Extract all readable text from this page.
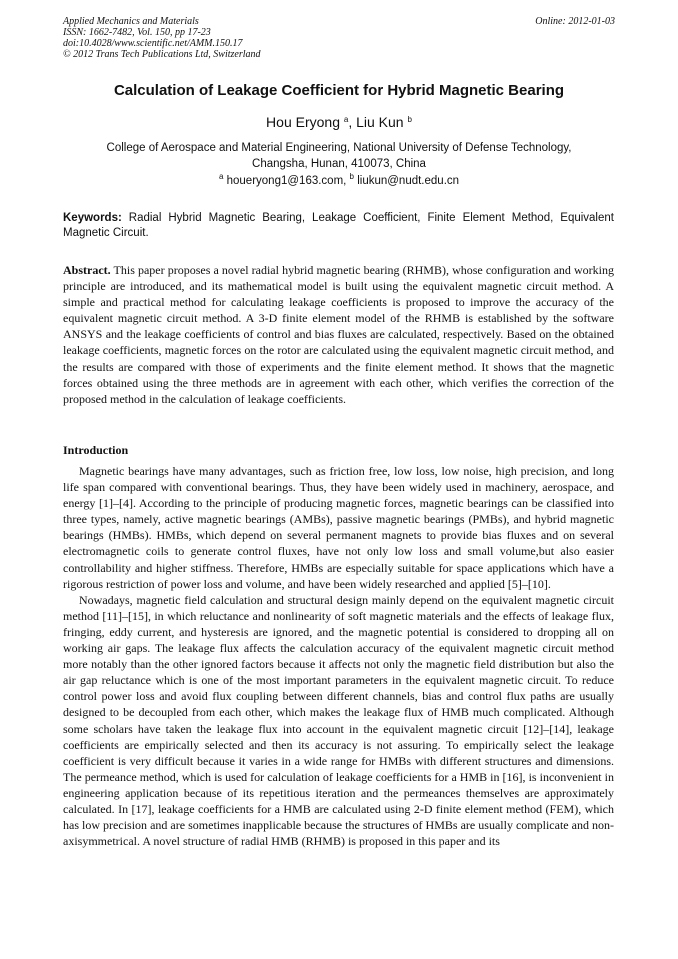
Applied Mechanics and Materials
ISSN: 1662-7482, Vol. 150, pp 17-23
doi:10.4028/www.scientific.net/AMM.150.17
© 2012 Trans Tech Publications Ltd, Switzerland
Online: 2012-01-03
Calculation of Leakage Coefficient for Hybrid Magnetic Bearing
Hou Eryong $^a$, Liu Kun $^b$
College of Aerospace and Material Engineering, National University of Defense Technology,
Changsha, Hunan, 410073, China
$^a$ houeryong1@163.com, $^b$ liukun@nudt.edu.cn
Keywords: Radial Hybrid Magnetic Bearing, Leakage Coefficient, Finite Element Method, Equivalent Magnetic Circuit.
Abstract. This paper proposes a novel radial hybrid magnetic bearing (RHMB), whose configuration and working principle are introduced, and its mathematical model is built using the equivalent magnetic circuit method. A simple and practical method for calculating leakage coefficients is proposed to improve the accuracy of the equivalent magnetic circuit method. A 3-D finite element model of the RHMB is established by the software ANSYS and the leakage coefficients of control and bias fluxes are calculated, respectively. Based on the obtained leakage coefficients, magnetic forces on the rotor are calculated using the equivalent magnetic circuit method, and the results are compared with those of experiments and the finite element method. It shows that the magnetic forces obtained using the three methods are in agreement with each other, which verifies the correction of the proposed method in the calculation of leakage coefficients.
Introduction

Magnetic bearings have many advantages, such as friction free, low loss, low noise, high precision, and long life span compared with conventional bearings. Thus, they have been widely used in machinery, aerospace, and energy [1]–[4]. According to the principle of producing magnetic forces, magnetic bearings can be classified into three types, namely, active magnetic bearings (AMBs), passive magnetic bearings (PMBs), and hybrid magnetic bearings (HMBs). HMBs, which depend on several permanent magnets to provide bias fluxes and on several electromagnetic coils to generate control fluxes, have not only low loss and small volume,but also easier controllability and higher stiffness. Therefore, HMBs are especially suitable for space applications which have a rigorous restriction of power loss and volume, and have been widely researched and applied [5]–[10].

Nowadays, magnetic field calculation and structural design mainly depend on the equivalent magnetic circuit method [11]–[15], in which reluctance and nonlinearity of soft magnetic materials and the effects of leakage flux, fringing, eddy current, and hysteresis are ignored, and the magnetic potential is considered to dropping all on working air gaps. The leakage flux affects the calculation accuracy of the equivalent magnetic circuit method more notably than the other ignored factors because it affects not only the magnetic field distribution but also the air gap reluctance which is one of the most important parameters in the equivalent magnetic circuit. To reduce control power loss and avoid flux coupling between different channels, bias and control flux paths are usually designed to be decoupled from each other, which makes the leakage flux of HMB much complicated. Although some scholars have taken the leakage flux into account in the equivalent magnetic circuit [12]–[14], leakage coefficients are empirically selected and then its accuracy is not assuring. To empirically select the leakage coefficient is very difficult because it varies in a wide range for HMBs with different structures and dimensions. The permeance method, which is used for calculation of leakage coefficients for a HMB in [16], is inconvenient in engineering application because of its repetitious iteration and the permeances themselves are approximately calculated. In [17], leakage coefficients for a HMB are calculated using 2-D finite element method (FEM), which has low precision and are sometimes inapplicable because the structures of HMBs are usually complicate and non-axisymmetrical. A novel structure of radial HMB (RHMB) is proposed in this paper and its
